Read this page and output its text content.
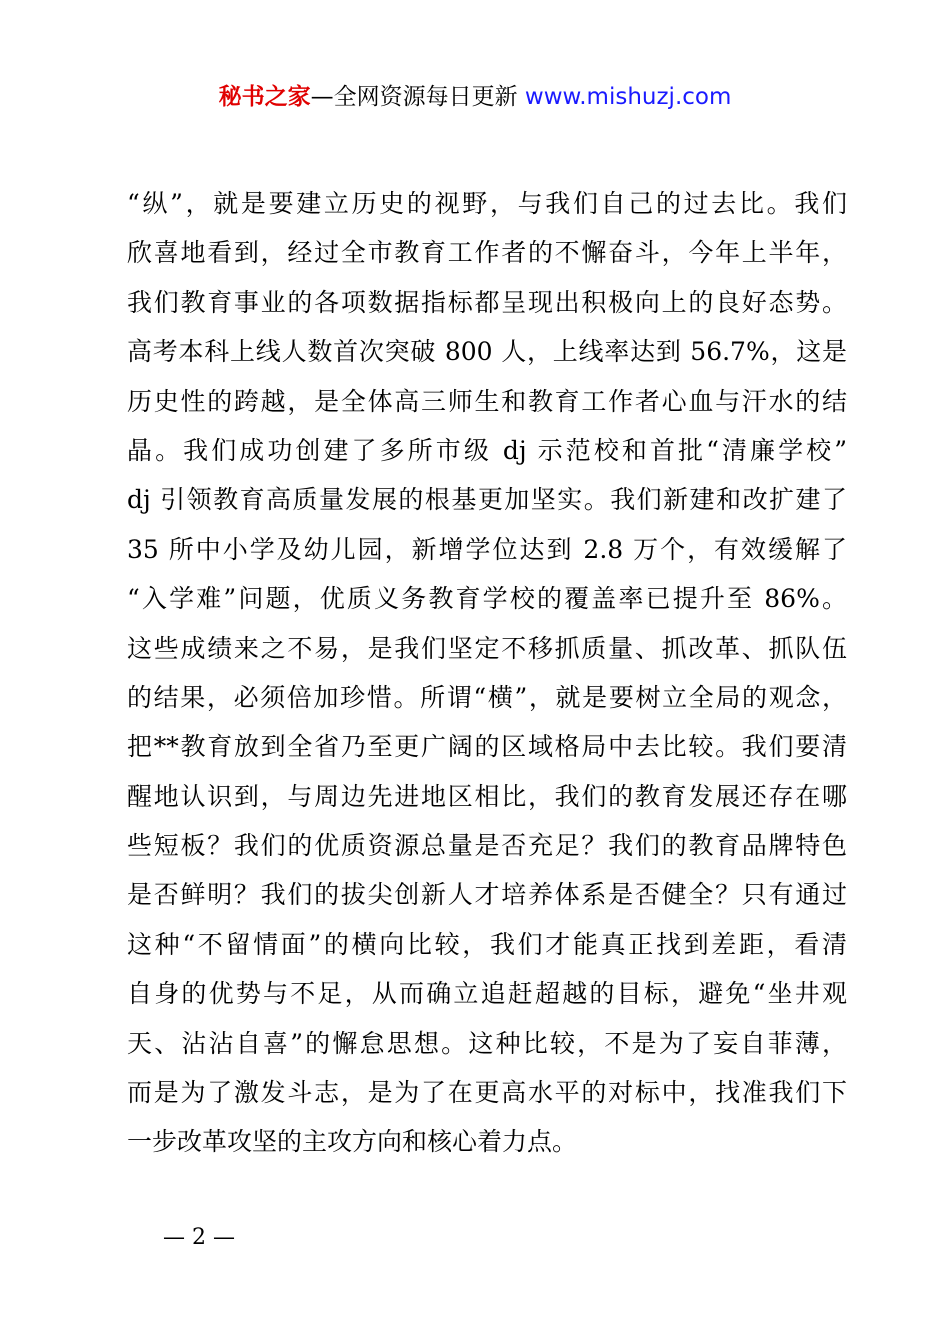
秘书之家—全网资源每日更新 www.mishuzj.com
“纵”，就是要建立历史的视野，与我们自己的过去比。我们
欣喜地看到，经过全市教育工作者的不懈奋斗，今年上半年，
我们教育事业的各项数据指标都呈现出积极向上的良好态势。
高考本科上线人数首次突破 800 人，上线率达到 56.7%，这是
历史性的跨越，是全体高三师生和教育工作者心血与汗水的结
晶。我们成功创建了多所市级 dj 示范校和首批“清廉学校”
dj 引领教育高质量发展的根基更加坚实。我们新建和改扩建了
35 所中小学及幼儿园，新增学位达到 2.8 万个，有效缓解了
“入学难”问题，优质义务教育学校的覆盖率已提升至 86%。
这些成绩来之不易，是我们坚定不移抓质量、抓改革、抓队伍
的结果，必须倍加珍惜。所谓“横”，就是要树立全局的观念，
把**教育放到全省乃至更广阔的区域格局中去比较。我们要清
醒地认识到，与周边先进地区相比，我们的教育发展还存在哪
些短板？我们的优质资源总量是否充足？我们的教育品牌特色
是否鲜明？我们的拔尖创新人才培养体系是否健全？只有通过
这种“不留情面”的横向比较，我们才能真正找到差距，看清
自身的优势与不足，从而确立追赶超越的目标，避免“坐井观
天、沾沾自喜”的懈怠思想。这种比较，不是为了妄自菲薄，
而是为了激发斗志，是为了在更高水平的对标中，找准我们下
一步改革攻坚的主攻方向和核心着力点。
— 2 —
